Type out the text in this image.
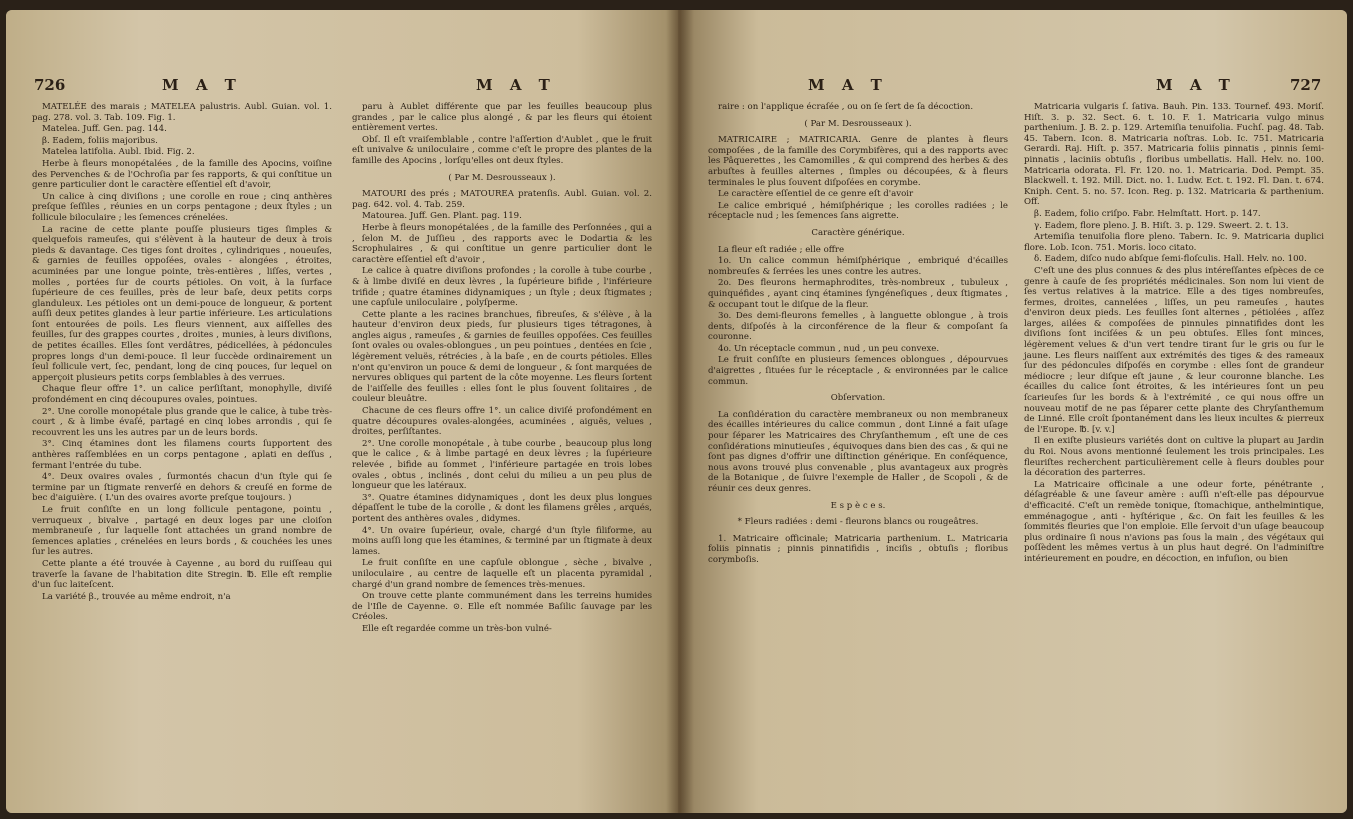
726	M A T	M A T

MATELÉE des marais ; MATELEA palustris. Aubl. Guian. vol. 1. pag. 278. vol. 3. Tab. 109. Fig. 1.

Matelea. Juff. Gen. pag. 144.

β. Eadem, foliis majoribus.

Matelea latifolia. Aubl. Ibid. Fig. 2.

Herbe à fleurs monopétalées , de la famille des Apocins, voiſine des Pervenches & de l'Ochroſia par ſes rapports, & qui conſtitue un genre particulier dont le caractère eſſentiel eſt d'avoir,

Un calice à cinq diviſions ; une corolle en roue ; cinq anthères preſque ſeſſiles , réunies en un corps pentagone ; deux ſtyles ; un follicule biloculaire ; les ſemences crénelées.

La racine de cette plante pouſſe plusieurs tiges ſimples & quelquefois rameuſes, qui s'élèvent à la hauteur de deux à trois pieds & davantage. Ces tiges ſont droites , cylindriques , noueuſes, & garnies de feuilles oppoſées, ovales - alongées , étroites, acuminées par une longue pointe, très-entières , liſſes, vertes , molles , portées ſur de courts pétioles. On voit, à la ſurface ſupérieure de ces feuilles, près de leur baſe, deux petits corps glanduleux. Les pétioles ont un demi-pouce de longueur, & portent auſſi deux petites glandes à leur partie inférieure. Les articulations ſont entourées de poils. Les fleurs viennent, aux aiſſelles des feuilles, ſur des grappes courtes , droites , munies, à leurs diviſions, de petites écailles. Elles ſont verdâtres, pédicellées, à pédoncules propres longs d'un demi-pouce. Il leur ſuccède ordinairement un ſeul follicule vert, ſec, pendant, long de cinq pouces, ſur lequel on apperçoit plusieurs petits corps ſemblables à des verrues.

Chaque fleur offre 1°. un calice perſiſtant, monophylle, diviſé profondément en cinq découpures ovales, pointues.

2°. Une corolle monopétale plus grande que le calice, à tube très-court , & à limbe évaſé, partagé en cinq lobes arrondis , qui ſe recouvrent les uns les autres par un de leurs bords.

3°. Cinq étamines dont les filamens courts ſupportent des anthères raſſemblées en un corps pentagone , aplati en deſſus , fermant l'entrée du tube.

4°. Deux ovaires ovales , ſurmontés chacun d'un ſtyle qui ſe termine par un ſtigmate renverſé en dehors & creuſé en forme de bec d'aiguière. ( L'un des ovaires avorte preſque toujours. )

Le fruit conſiſte en un long follicule pentagone, pointu , verruqueux , bivalve , partagé en deux loges par une cloiſon membraneuſe , ſur laquelle ſont attachées un grand nombre de ſemences aplaties , crénelées en leurs bords , & couchées les unes ſur les autres.

Cette plante a été trouvée à Cayenne , au bord du ruiſſeau qui traverſe la ſavane de l'habitation dite Stregin. ℔. Elle eſt remplie d'un ſuc laiteſcent.

La variété β., trouvée au même endroit, n'a

paru à Aublet différente que par les feuilles beaucoup plus grandes , par le calice plus alongé , & par les fleurs qui étoient entièrement vertes.

Obſ. Il eſt vraiſemblable , contre l'aſſertion d'Aublet , que le fruit eſt univalve & uniloculaire , comme c'eſt le propre des plantes de la famille des Apocins , lorſqu'elles ont deux ſtyles.

( Par M. Desrousseaux ).

MATOURI des prés ; MATOUREA pratenſis. Aubl. Guian. vol. 2. pag. 642. vol. 4. Tab. 259.

Matourea. Juff. Gen. Plant. pag. 119.

Herbe à fleurs monopétalées , de la famille des Perſonnées , qui a , ſelon M. de Juſſieu , des rapports avec le Dodartia & les Scrophulaires , & qui conſtitue un genre particulier dont le caractère eſſentiel eſt d'avoir ,

Le calice à quatre diviſions profondes ; la corolle à tube courbe , & à limbe diviſé en deux lèvres , la ſupérieure bifide , l'inférieure trifide ; quatre étamines didynamiques ; un ſtyle ; deux ſtigmates ; une capſule uniloculaire , polyſperme.

Cette plante a les racines branchues, fibreuſes, & s'élève , à la hauteur d'environ deux pieds, ſur plusieurs tiges tétragones, à angles aigus , rameuſes , & garnies de feuilles oppoſées. Ces feuilles ſont ovales ou ovales-oblongues , un peu pointues , dentées en ſcie , légèrement veluës, rétrécies , à la baſe , en de courts pétioles. Elles n'ont qu'environ un pouce & demi de longueur , & ſont marquées de nervures obliques qui partent de la côte moyenne. Les fleurs ſortent de l'aiſſelle des feuilles : elles ſont le plus ſouvent ſolitaires , de couleur bleuâtre.

Chacune de ces fleurs offre 1°. un calice diviſé profondément en quatre découpures ovales-alongées, acuminées , aiguës, velues , droites, perſiſtantes.

2°. Une corolle monopétale , à tube courbe , beaucoup plus long que le calice , & à limbe partagé en deux lèvres ; la ſupérieure relevée , bifide au ſommet , l'inférieure partagée en trois lobes ovales , obtus , inclinés , dont celui du milieu a un peu plus de longueur que les latéraux.

3°. Quatre étamines didynamiques , dont les deux plus longues dépaſſent le tube de la corolle , & dont les filamens grêles , arqués, portent des anthères ovales , didymes.

4°. Un ovaire ſupérieur, ovale, chargé d'un ſtyle filiforme, au moins auſſi long que les étamines, & terminé par un ſtigmate à deux lames.

Le fruit conſiſte en une capſule oblongue , sèche , bivalve , uniloculaire , au centre de laquelle eſt un placenta pyramidal , chargé d'un grand nombre de ſemences très-menues.

On trouve cette plante communément dans les terreins humides de l'Iſle de Cayenne. ⊙. Elle eſt nommée Baſilic ſauvage par les Créoles.

Elle eſt regardée comme un très-bon vulné-

M A T	M A T	727

raire : on l'applique écraſée , ou on ſe ſert de ſa décoction.

( Par M. Desrousseaux ).

MATRICAIRE ; MATRICARIA. Genre de plantes à fleurs compoſées , de la famille des Corymbifères, qui a des rapports avec les Pâquerettes , les Camomilles , & qui comprend des herbes & des arbuſtes à feuilles alternes , ſimples ou découpées, & à fleurs terminales le plus ſouvent diſpoſées en corymbe.

Le caractère eſſentiel de ce genre eſt d'avoir

Le calice embriqué , hémiſphérique ; les corolles radiées ; le réceptacle nud ; les ſemences ſans aigrette.

Caractère générique.

La fleur eſt radiée ; elle offre

1o. Un calice commun hémiſphérique , embriqué d'écailles nombreuſes & ſerrées les unes contre les autres.

2o. Des fleurons hermaphrodites, très-nombreux , tubuleux , quinquéfides , ayant cinq étamines ſyngéneſiques , deux ſtigmates , & occupant tout le diſque de la fleur.

3o. Des demi-fleurons femelles , à languette oblongue , à trois dents, diſpoſés à la circonférence de la fleur & compoſant ſa couronne.

4o. Un réceptacle commun , nud , un peu convexe.

Le fruit conſiſte en plusieurs ſemences oblongues , dépourvues d'aigrettes , ſituées ſur le réceptacle , & environnées par le calice commun.

Obſervation.

La conſidération du caractère membraneux ou non membraneux des écailles intérieures du calice commun , dont Linné a fait uſage pour ſéparer les Matricaires des Chryſanthemum , eſt une de ces conſidérations minutieuſes , équivoques dans bien des cas , & qui ne ſont pas dignes d'offrir une diſtinction générique. En conſéquence, nous avons trouvé plus convenable , plus avantageux aux progrès de la Botanique , de ſuivre l'exemple de Haller , de Scopoli , & de réunir ces deux genres.

E s p è c e s.

* Fleurs radiées : demi - fleurons blancs ou rougeâtres.

1. Matricaire officinale; Matricaria parthenium. L. Matricaria foliis pinnatis ; pinnis pinnatifidis , inciſis , obtuſis ; floribus corymboſis.

Matricaria vulgaris ſ. ſativa. Bauh. Pin. 133. Tournef. 493. Moriſ. Hiſt. 3. p. 32. Sect. 6. t. 10. F. 1. Matricaria vulgo minus parthenium. J. B. 2. p. 129. Artemiſia tenuifolia. Fuchſ. pag. 48. Tab. 45. Tabern. Icon. 8. Matricaria noſtras. Lob. Ic. 751. Matricaria Gerardi. Raj. Hiſt. p. 357. Matricaria foliis pinnatis , pinnis ſemi-pinnatis , laciniis obtuſis , floribus umbellatis. Hall. Helv. no. 100. Matricaria odorata. Fl. Fr. 120. no. 1. Matricaria. Dod. Pempt. 35. Blackwell. t. 192. Mill. Dict. no. 1. Ludw. Ect. t. 192. Fl. Dan. t. 674. Kniph. Cent. 5. no. 57. Icon. Reg. p. 132. Matricaria & parthenium. Off.

β. Eadem, folio criſpo. Fabr. Helmſtatt. Hort. p. 147.

γ. Eadem, flore pleno. J. B. Hiſt. 3. p. 129. Sweert. 2. t. 13.

Artemiſia tenuifolia flore pleno. Tabern. Ic. 9. Matricaria duplici flore. Lob. Icon. 751. Moris. loco citato.

δ. Eadem, diſco nudo abſque ſemi-floſculis. Hall. Helv. no. 100.

C'eſt une des plus connues & des plus intéreſſantes eſpèces de ce genre à cauſe de ſes propriétés médicinales. Son nom lui vient de ſes vertus relatives à la matrice. Elle a des tiges nombreuſes, fermes, droites, cannelées , liſſes, un peu rameuſes , hautes d'environ deux pieds. Les feuilles ſont alternes , pétiolées , aſſez larges, ailées & compoſées de pinnules pinnatifides dont les diviſions ſont inciſées & un peu obtuſes. Elles ſont minces, légèrement velues & d'un vert tendre tirant ſur le gris ou ſur le jaune. Les fleurs naiſſent aux extrémités des tiges & des rameaux ſur des pédoncules diſpoſés en corymbe : elles ſont de grandeur médiocre ; leur diſque eſt jaune , & leur couronne blanche. Les écailles du calice ſont étroites, & les intérieures ſont un peu ſcarieuſes ſur les bords & à l'extrémité , ce qui nous offre un nouveau motif de ne pas ſéparer cette plante des Chryſanthemum de Linné. Elle croît ſpontanément dans les lieux incultes & pierreux de l'Europe. ℔. [v. v.]

Il en exiſte plusieurs variétés dont on cultive la plupart au Jardin du Roi. Nous avons mentionné ſeulement les trois principales. Les fleuriſtes recherchent particulièrement celle à fleurs doubles pour la décoration des parterres.

La Matricaire officinale a une odeur forte, pénétrante , déſagréable & une ſaveur amère : auſſi n'eſt-elle pas dépourvue d'efficacité. C'eſt un remède tonique, ſtomachique, anthelmintique, emménagogue , anti - hyſtérique , &c. On fait les feuilles & les ſommités fleuries que l'on emploie. Elle ſervoit d'un uſage beaucoup plus ordinaire ſi nous n'avions pas ſous la main , des végétaux qui poſſèdent les mêmes vertus à un plus haut degré. On l'adminiſtre intérieurement en poudre, en décoction, en infuſion, ou bien
